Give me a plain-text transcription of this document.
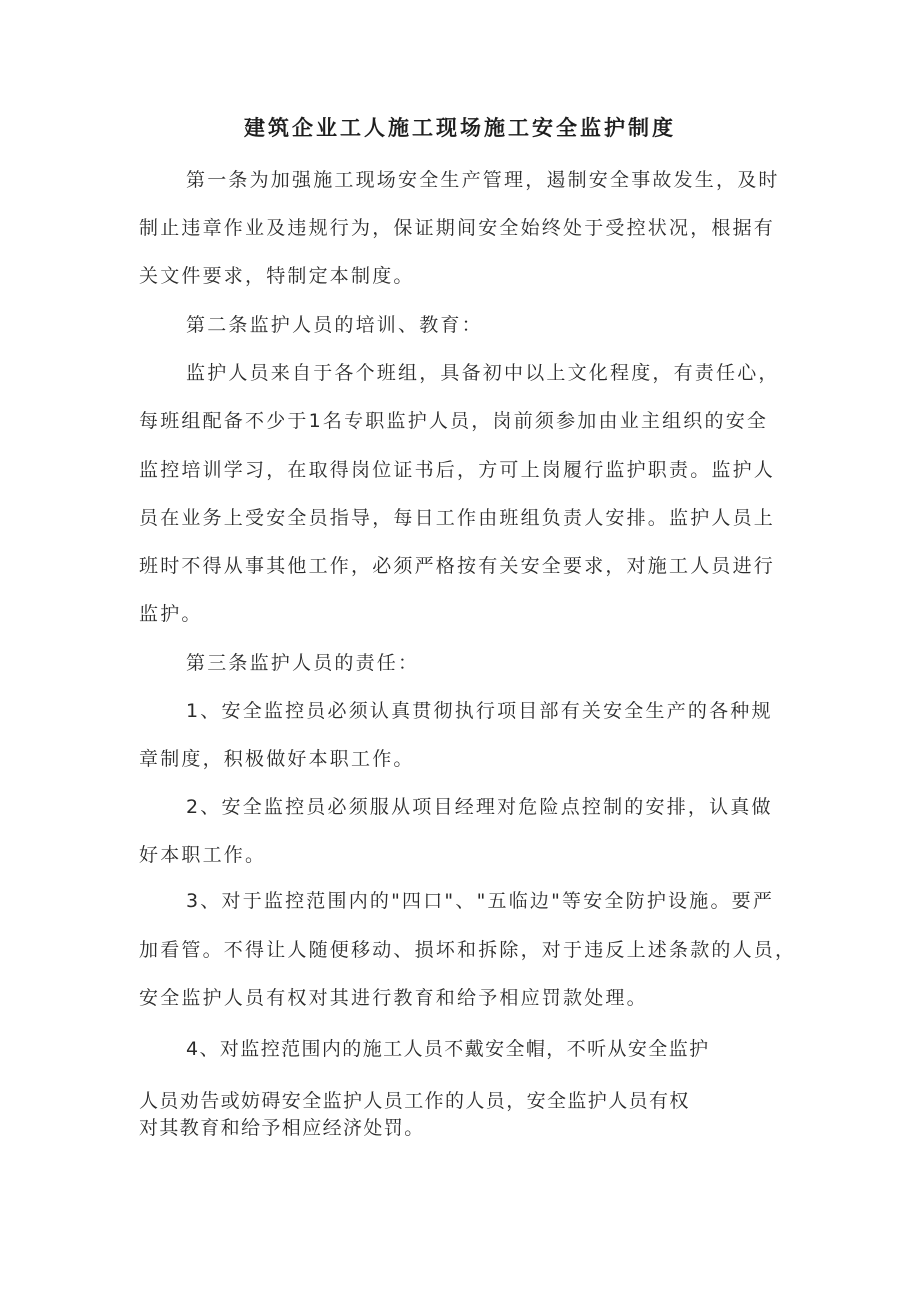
建筑企业工人施工现场施工安全监护制度
第一条为加强施工现场安全生产管理，遏制安全事故发生，及时
制止违章作业及违规行为，保证期间安全始终处于受控状况，根据有
关文件要求，特制定本制度。
第二条监护人员的培训、教育：
监护人员来自于各个班组，具备初中以上文化程度，有责任心，
每班组配备不少于1名专职监护人员，岗前须参加由业主组织的安全
监控培训学习，在取得岗位证书后，方可上岗履行监护职责。监护人
员在业务上受安全员指导，每日工作由班组负责人安排。监护人员上
班时不得从事其他工作，必须严格按有关安全要求，对施工人员进行
监护。
第三条监护人员的责任：
1、安全监控员必须认真贯彻执行项目部有关安全生产的各种规
章制度，积极做好本职工作。
2、安全监控员必须服从项目经理对危险点控制的安排，认真做
好本职工作。
3、对于监控范围内的"四口"、"五临边"等安全防护设施。要严
加看管。不得让人随便移动、损坏和拆除，对于违反上述条款的人员，
安全监护人员有权对其进行教育和给予相应罚款处理。
4、对监控范围内的施工人员不戴安全帽，不听从安全监护
人员劝告或妨碍安全监护人员工作的人员，安全监护人员有权
对其教育和给予相应经济处罚。
